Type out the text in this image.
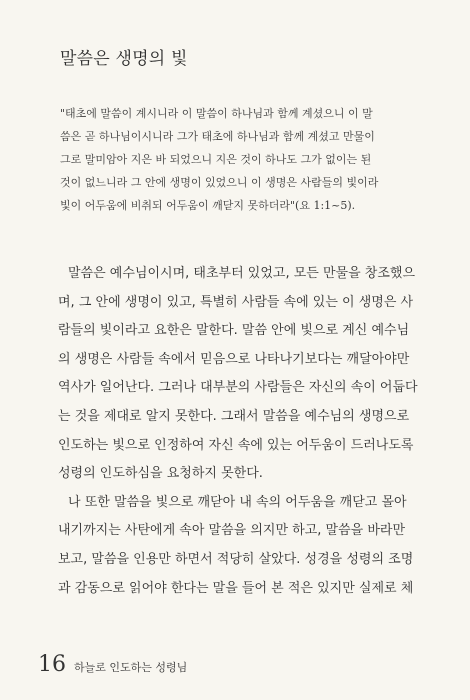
말씀은 생명의 빛
"태초에 말씀이 계시니라 이 말씀이 하나님과 함께 계셨으니 이 말
씀은 곧 하나님이시니라 그가 태초에 하나님과 함께 계셨고 만물이
그로 말미암아 지은 바 되었으니 지은 것이 하나도 그가 없이는 된
것이 없느니라 그 안에 생명이 있었으니 이 생명은 사람들의 빛이라
빛이 어두움에 비취되 어두움이 깨닫지 못하더라"(요 1:1~5).
말씀은 예수님이시며, 태초부터 있었고, 모든 만물을 창조했으
며, 그 안에 생명이 있고, 특별히 사람들 속에 있는 이 생명은 사
람들의 빛이라고 요한은 말한다. 말씀 안에 빛으로 계신 예수님
의 생명은 사람들 속에서 믿음으로 나타나기보다는 깨달아야만
역사가 일어난다. 그러나 대부분의 사람들은 자신의 속이 어둡다
는 것을 제대로 알지 못한다. 그래서 말씀을 예수님의 생명으로
인도하는 빛으로 인정하여 자신 속에 있는 어두움이 드러나도록
성령의 인도하심을 요청하지 못한다.
나 또한 말씀을 빛으로 깨닫아 내 속의 어두움을 깨닫고 몰아
내기까지는 사탄에게 속아 말씀을 의지만 하고, 말씀을 바라만
보고, 말씀을 인용만 하면서 적당히 살았다. 성경을 성령의 조명
과 감동으로 읽어야 한다는 말을 들어 본 적은 있지만 실제로 체
16 하늘로 인도하는 성령님
